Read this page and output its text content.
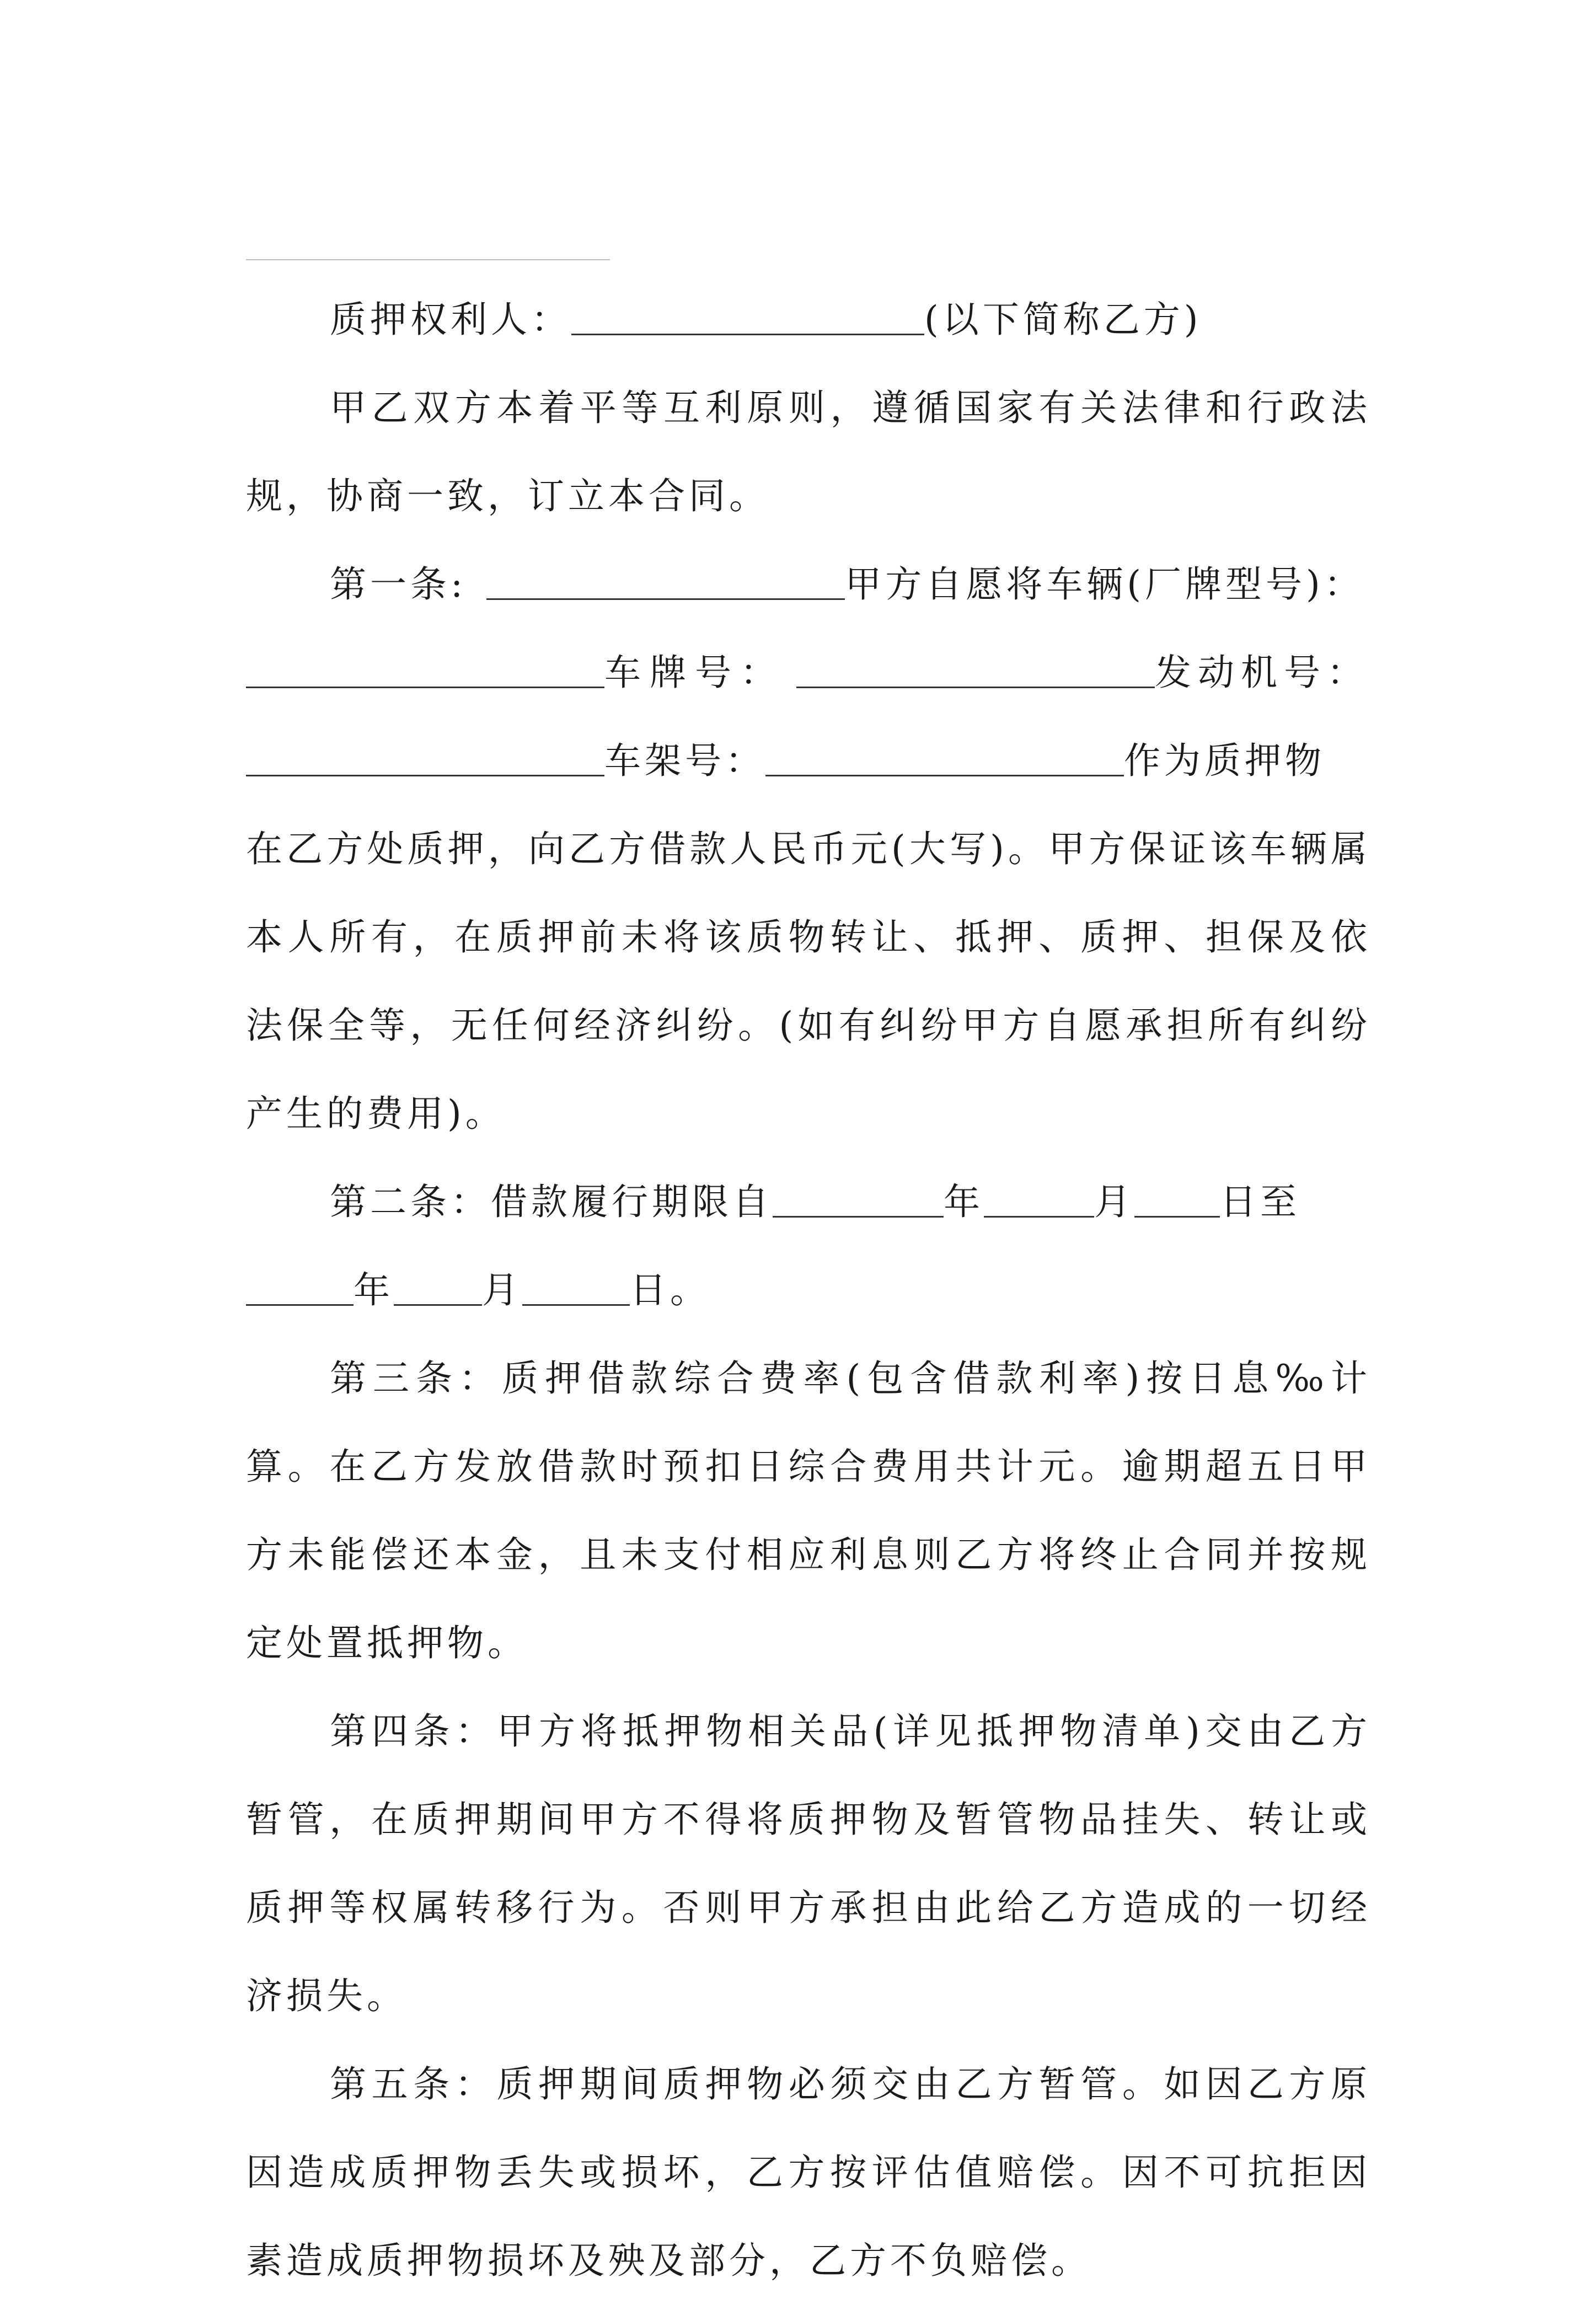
质押权利人：	(以下简称乙方)

甲乙双方本着平等互利原则，遵循国家有关法律和行政法规，协商一致，订立本合同。

第一条:	甲方自愿将车辆(厂牌型号)：
车牌号：	发动机号：
车架号：	作为质押物

在乙方处质押，向乙方借款人民币元(大写)。甲方保证该车辆属本人所有，在质押前未将该质物转让、抵押、质押、担保及依法保全等，无任何经济纠纷。(如有纠纷甲方自愿承担所有纠纷产生的费用)。

第二条：借款履行期限自	年	月 日至
年 月	日。

第三条：质押借款综合费率(包含借款利率)按日息‰计算。在乙方发放借款时预扣日综合费用共计元。逾期超五日甲方未能偿还本金，且未支付相应利息则乙方将终止合同并按规定处置抵押物。

第四条：甲方将抵押物相关品(详见抵押物清单)交由乙方暂管，在质押期间甲方不得将质押物及暂管物品挂失、转让或质押等权属转移行为。否则甲方承担由此给乙方造成的一切经济损失。

第五条：质押期间质押物必须交由乙方暂管。如因乙方原因造成质押物丢失或损坏，乙方按评估值赔偿。因不可抗拒因素造成质押物损坏及殃及部分，乙方不负赔偿。
